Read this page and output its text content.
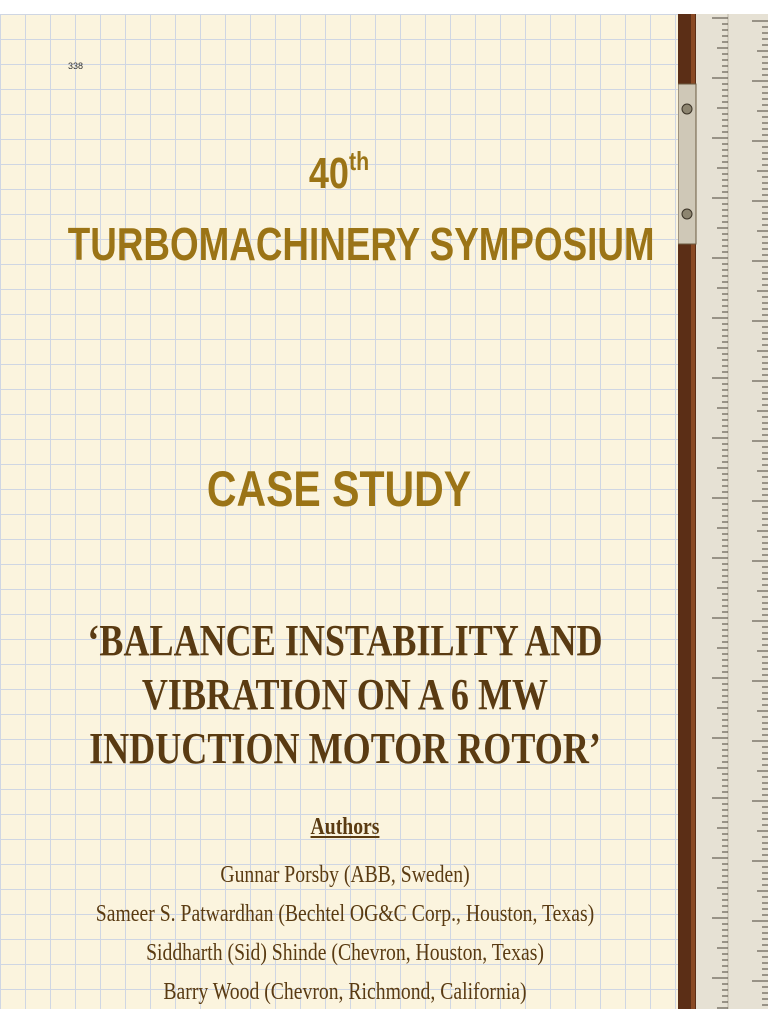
338
40th
TURBOMACHINERY SYMPOSIUM
CASE STUDY
‘BALANCE INSTABILITY AND
VIBRATION ON A 6 MW
INDUCTION MOTOR ROTOR’
Authors
Gunnar Porsby (ABB, Sweden)
Sameer S. Patwardhan (Bechtel OG&C Corp., Houston, Texas)
Siddharth (Sid) Shinde (Chevron, Houston, Texas)
Barry Wood (Chevron, Richmond, California)
